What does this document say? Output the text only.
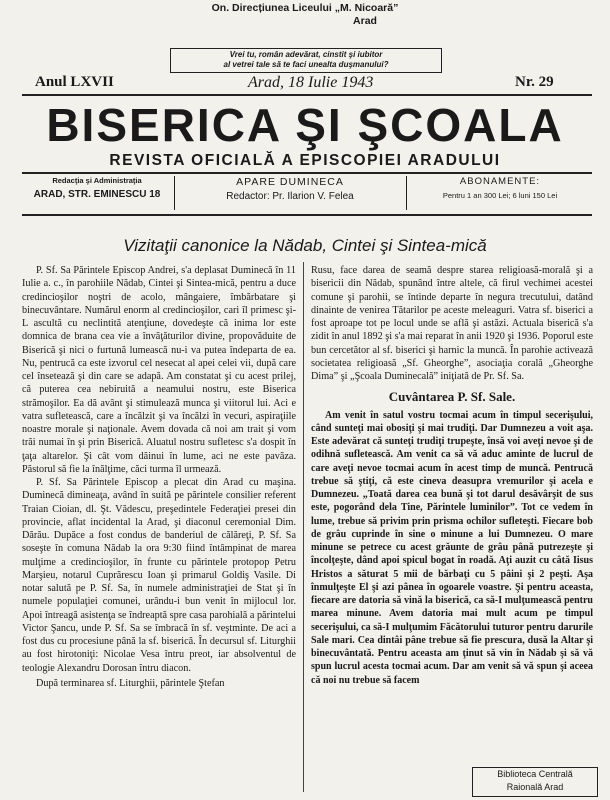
On. Direcțiunea Liceului „M. Nicoară”
Arad
Vrei tu, român adevărat, cinstit şi iubitor
al vetrei tale să te faci unealta duşmanului?
Anul LXVII	Arad, 18 Iulie 1943	Nr. 29
BISERICA ŞI ŞCOALA
REVISTA OFICIALĂ A EPISCOPIEI ARADULUI
Redacţia şi Administraţia
ARAD, STR. EMINESCU 18
APARE DUMINECA
Redactor: Pr. Ilarion V. Felea
ABONAMENTE:
Pentru 1 an 300 Lei; 6 luni 150 Lei
Vizitaţii canonice la Nădab, Cintei şi Sintea-mică

P. Sf. Sa Părintele Episcop Andrei, s'a deplasat Duminecă în 11 Iulie a. c., în parohiile Nădab, Cintei şi Sintea-mică, pentru a duce credincioşilor noştri de acolo, mângaiere, îmbărbatare şi binecuvântare. Numărul enorm al credincioşilor, cari îl primesc şi-L ascultă cu neclintită atenţiune, dovedeşte că inima lor este domnica de brana cea vie a învăţăturilor divine, propovăduite de Biserică şi nici o furtună lumească nu-i va putea îndeparta de ea. Nu, pentrucă ca este izvorul cel nesecat al apei celei vii, după care cel însetează şi din care se adapă. Am constatat şi cu acest prilej, că puterea cea nebiruită a neamului nostru, este Biserica strămoşilor. Ea dă avânt şi stimulează munca şi viitorul lui. Aci e vatra sufletească, care a încălzit şi va încălzi în vecuri, aspiraţiile noastre morale şi naţionale. Avem dovada că noi am trait şi vom trăi numai în şi prin Biserică. Aluatul nostru sufletesc s'a dospit în ţaţa altarelor. Şi cât vom dăinui în lume, aci ne este pavăza. Păstorul să fie la înălţime, căci turma îl urmează.

P. Sf. Sa Părintele Episcop a plecat din Arad cu maşina. Duminecă dimineaţa, având în suită pe părintele consilier referent Traian Cioian, dl. Şt. Vădescu, preşedintele Federaţiei presei din provincie, aflat incidental la Arad, şi diaconul ceremonial Dim. Dărău. Dupăce a fost condus de banderiul de călăreţi, P. Sf. Sa soseşte în comuna Nădab la ora 9:30 fiind întâmpinat de marea mulţime a credincioşilor, în frunte cu părintele protopop Petru Marşieu, notarul Cuprărescu Ioan şi primarul Goldiş Vasile. Di notar salută pe P. Sf. Sa, în numele administraţiei de Stat şi în numele populaţiei comunei, urându-i bun venit în mijlocul lor. Apoi întreagă asistenţa se îndreaptă spre casa parohială a părintelui Victor Şancu, unde P. Sf. Sa se îmbracă în sf. veştminte. De aci a fost dus cu procesiune până la sf. biserică. În decursul sf. Liturghii au fost hirotoniţi: Nicolae Vesa întru preot, iar absolventul de teologie Alexandru Dorosan întru diacon.

După terminarea sf. Liturghii, părintele Ştefan

Rusu, face darea de seamă despre starea religioasă-morală şi a bisericii din Nădab, spunând între altele, că firul vechimei acestei comune şi parohii, se întinde departe în negura trecutului, datând dinainte de venirea Tătarilor pe aceste meleaguri. Vatra sf. biserici a fost aproape tot pe locul unde se află şi astăzi. Actuala biserică s'a zidit în anul 1892 şi s'a mai reparat în anii 1920 şi 1936. Poporul este bun cercetător al sf. biserici şi harnic la muncă. În parohie activează societatea religioasă „Sf. Gheorghe”, asociaţia corală „Gheorghe Dima” şi „Şcoala Duminecală” iniţiată de Pr. Sf. Sa.

Cuvântarea P. Sf. Sale.

Am venit în satul vostru tocmai acum în timpul secerişului, când sunteţi mai obosiţi şi mai trudiţi. Dar Dumnezeu a voit aşa. Este adevărat că sunteţi trudiţi trupeşte, însă voi aveţi nevoe şi de odihnă sufletească. Am venit ca să vă aduc aminte de lucrul de care aveţi nevoe tocmai acum în acest timp de muncă. Pentrucă trebue să ştiţi, că este cineva deasupra vremurilor şi acela e Dumnezeu. „Toată darea cea bună şi tot darul desăvârşit de sus este, pogorând dela Tine, Părintele luminilor”. Tot ce vedem în lume, trebue să privim prin prisma ochilor sufleteşti. Fiecare bob de grâu cuprinde în sine o minune a lui Dumnezeu. O mare minune se petrece cu acest grăunte de grâu până putrezeşte şi încolţeşte, dând apoi spicul bogat în roadă. Aţi auzit cu câtă Iisus Hristos a săturat 5 mii de bărbaţi cu 5 pâini şi 2 peşti. Aşa înmulţeşte El şi azi pânea în ogoarele voastre. Şi pentru aceasta, fiecare are datoria să vină la biserică, ca să-I mulţumească pentru marea minune. Avem datoria mai mult acum pe timpul secerişului, ca să-I mulţumim Făcătorului tuturor pentru darurile Sale mari. Cea dintâi pâne trebue să fie prescura, dusă la Altar şi binecuvântată. Pentru aceasta am ţinut să vin în Nădab şi să vă spun lucrul acesta tocmai acum. Dar am venit să vă spun şi aceea că noi nu trebue să facem

Biblioteca Centrală
Raională Arad
